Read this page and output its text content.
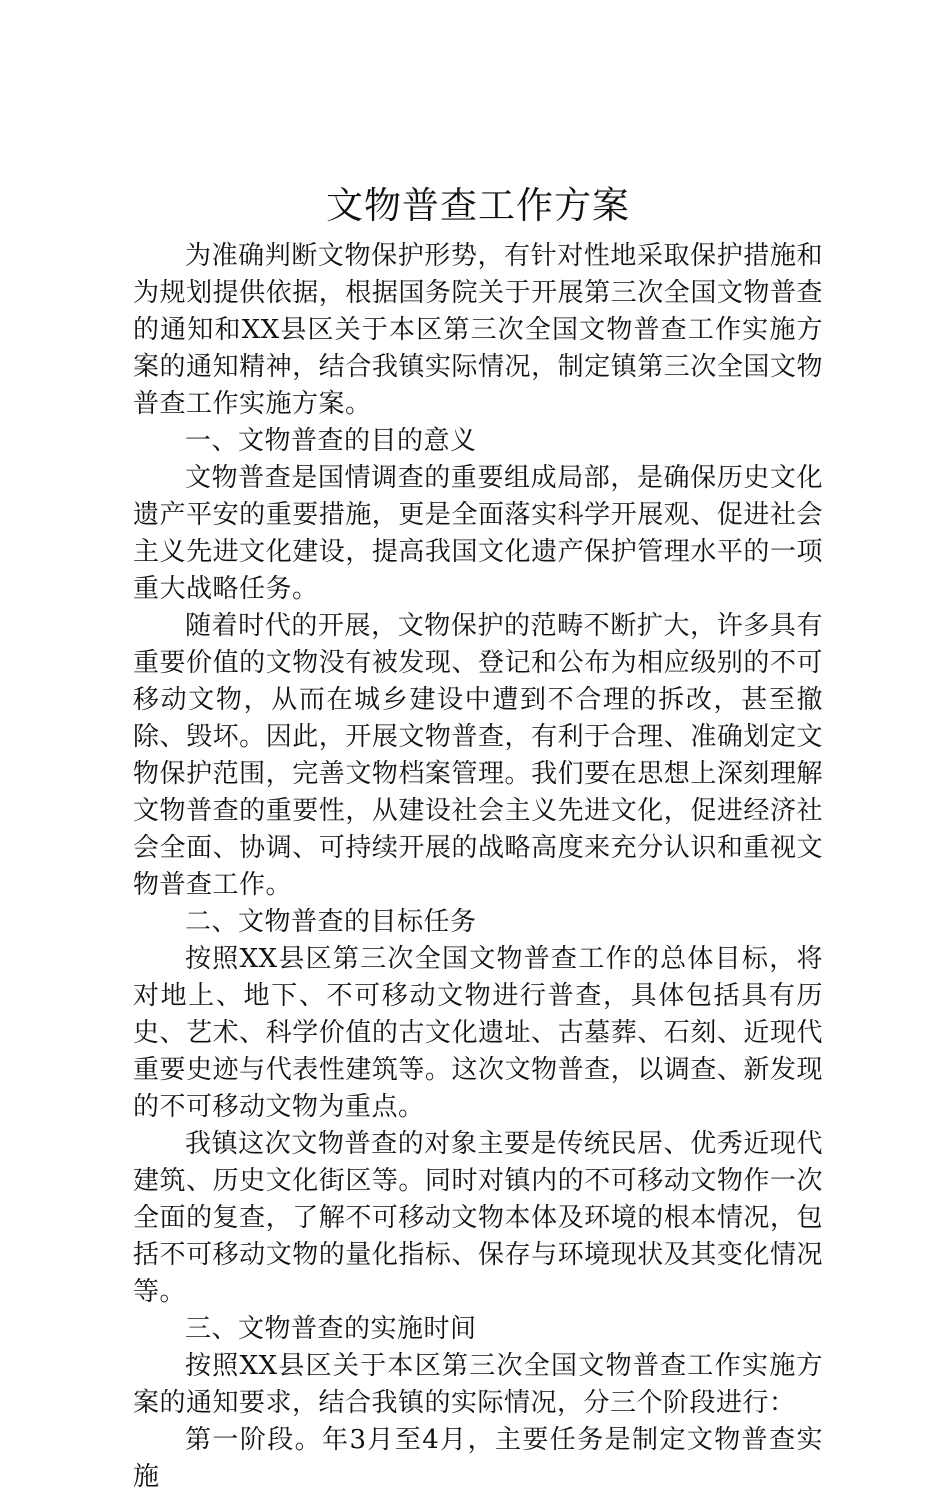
文物普查工作方案

为准确判断文物保护形势，有针对性地采取保护措施和为规划提供依据，根据国务院关于开展第三次全国文物普查的通知和XX县区关于本区第三次全国文物普查工作实施方案的通知精神，结合我镇实际情况，制定镇第三次全国文物普查工作实施方案。

一、文物普查的目的意义

文物普查是国情调查的重要组成局部，是确保历史文化遗产平安的重要措施，更是全面落实科学开展观、促进社会主义先进文化建设，提高我国文化遗产保护管理水平的一项重大战略任务。

随着时代的开展，文物保护的范畴不断扩大，许多具有重要价值的文物没有被发现、登记和公布为相应级别的不可移动文物，从而在城乡建设中遭到不合理的拆改，甚至撤除、毁坏。因此，开展文物普查，有利于合理、准确划定文物保护范围，完善文物档案管理。我们要在思想上深刻理解文物普查的重要性，从建设社会主义先进文化，促进经济社会全面、协调、可持续开展的战略高度来充分认识和重视文物普查工作。

二、文物普查的目标任务

按照XX县区第三次全国文物普查工作的总体目标，将对地上、地下、不可移动文物进行普查，具体包括具有历史、艺术、科学价值的古文化遗址、古墓葬、石刻、近现代重要史迹与代表性建筑等。这次文物普查，以调查、新发现的不可移动文物为重点。

我镇这次文物普查的对象主要是传统民居、优秀近现代建筑、历史文化街区等。同时对镇内的不可移动文物作一次全面的复查，了解不可移动文物本体及环境的根本情况，包括不可移动文物的量化指标、保存与环境现状及其变化情况等。

三、文物普查的实施时间

按照XX县区关于本区第三次全国文物普查工作实施方案的通知要求，结合我镇的实际情况，分三个阶段进行：

第一阶段。年3月至4月，主要任务是制定文物普查实施
